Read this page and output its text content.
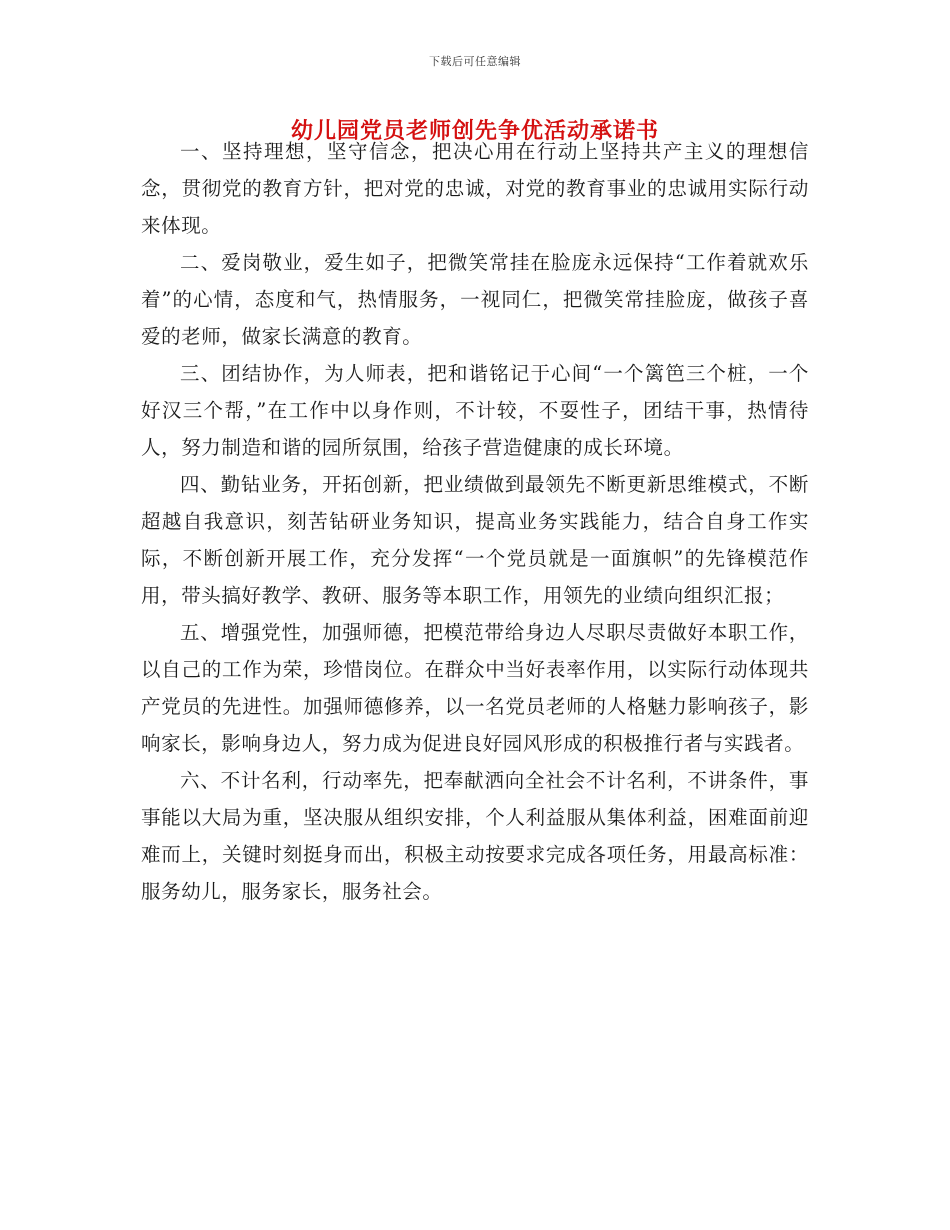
下载后可任意编辑
幼儿园党员老师创先争优活动承诺书

一、坚持理想，坚守信念，把决心用在行动上坚持共产主义的理想信念，贯彻党的教育方针，把对党的忠诚，对党的教育事业的忠诚用实际行动来体现。

二、爱岗敬业，爱生如子，把微笑常挂在脸庞永远保持“工作着就欢乐着”的心情，态度和气，热情服务，一视同仁，把微笑常挂脸庞，做孩子喜爱的老师，做家长满意的教育。

三、团结协作，为人师表，把和谐铭记于心间“一个篱笆三个桩，一个好汉三个帮，”在工作中以身作则，不计较，不耍性子，团结干事，热情待人，努力制造和谐的园所氛围，给孩子营造健康的成长环境。

四、勤钻业务，开拓创新，把业绩做到最领先不断更新思维模式，不断超越自我意识，刻苦钻研业务知识，提高业务实践能力，结合自身工作实际，不断创新开展工作，充分发挥“一个党员就是一面旗帜”的先锋模范作用，带头搞好教学、教研、服务等本职工作，用领先的业绩向组织汇报；

五、增强党性，加强师德，把模范带给身边人尽职尽责做好本职工作，以自己的工作为荣，珍惜岗位。在群众中当好表率作用，以实际行动体现共产党员的先进性。加强师德修养，以一名党员老师的人格魅力影响孩子，影响家长，影响身边人，努力成为促进良好园风形成的积极推行者与实践者。

六、不计名利，行动率先，把奉献洒向全社会不计名利，不讲条件，事事能以大局为重，坚决服从组织安排，个人利益服从集体利益，困难面前迎难而上，关键时刻挺身而出，积极主动按要求完成各项任务，用最高标准：服务幼儿，服务家长，服务社会。
